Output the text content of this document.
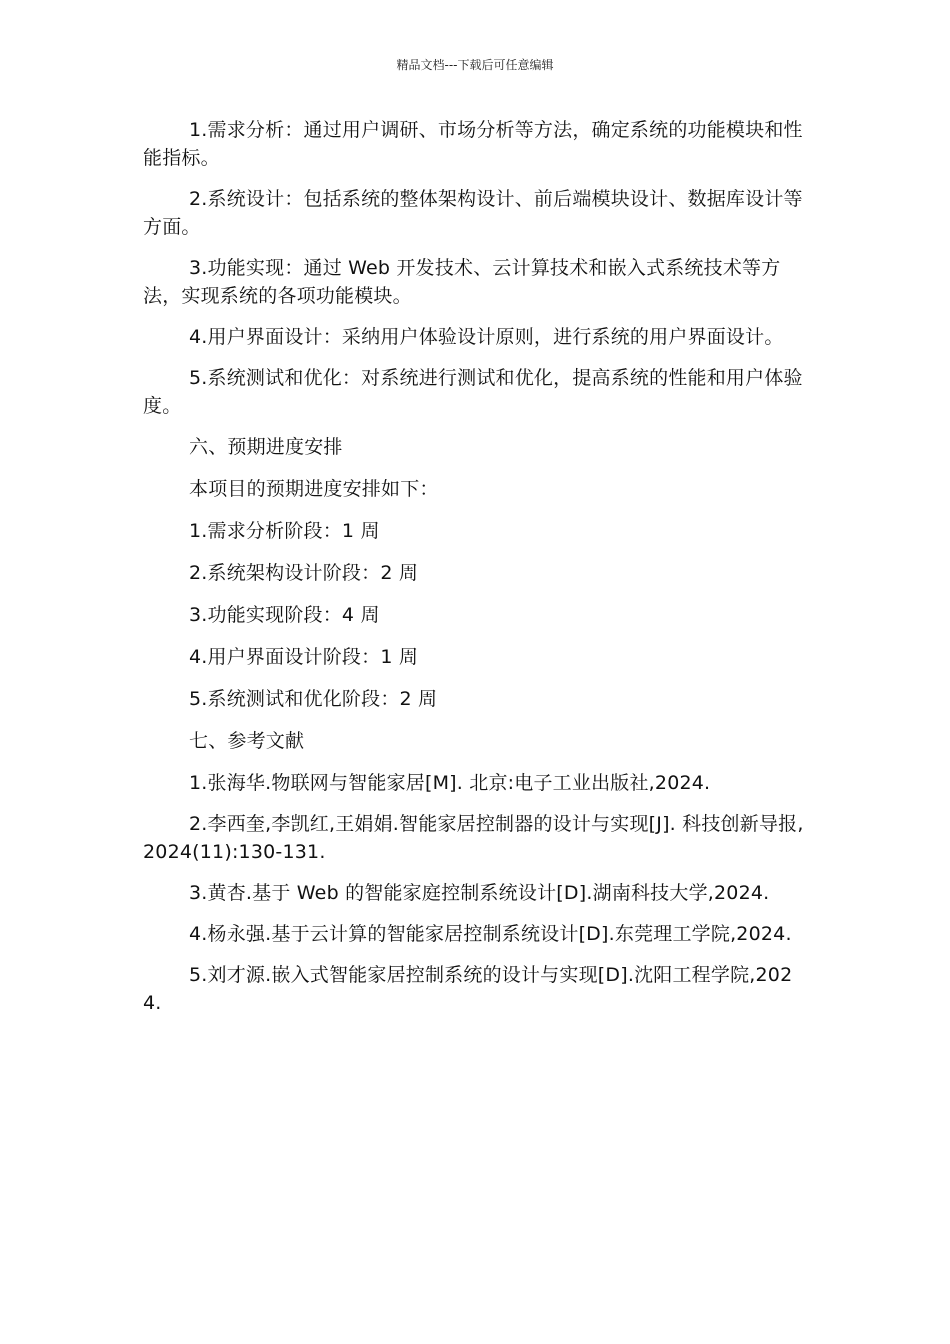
精品文档---下载后可任意编辑

1.需求分析：通过用户调研、市场分析等方法，确定系统的功能模块和性能指标。

2.系统设计：包括系统的整体架构设计、前后端模块设计、数据库设计等方面。

3.功能实现：通过 Web 开发技术、云计算技术和嵌入式系统技术等方法，实现系统的各项功能模块。

4.用户界面设计：采纳用户体验设计原则，进行系统的用户界面设计。

5.系统测试和优化：对系统进行测试和优化，提高系统的性能和用户体验度。

六、预期进度安排

本项目的预期进度安排如下：

1.需求分析阶段：1 周

2.系统架构设计阶段：2 周

3.功能实现阶段：4 周

4.用户界面设计阶段：1 周

5.系统测试和优化阶段：2 周

七、参考文献

1.张海华.物联网与智能家居[M]. 北京:电子工业出版社,2024.

2.李西奎,李凯红,王娟娟.智能家居控制器的设计与实现[J]. 科技创新导报,2024(11):130-131.

3.黄杏.基于 Web 的智能家庭控制系统设计[D].湖南科技大学,2024.

4.杨永强.基于云计算的智能家居控制系统设计[D].东莞理工学院,2024.

5.刘才源.嵌入式智能家居控制系统的设计与实现[D].沈阳工程学院,2024.
